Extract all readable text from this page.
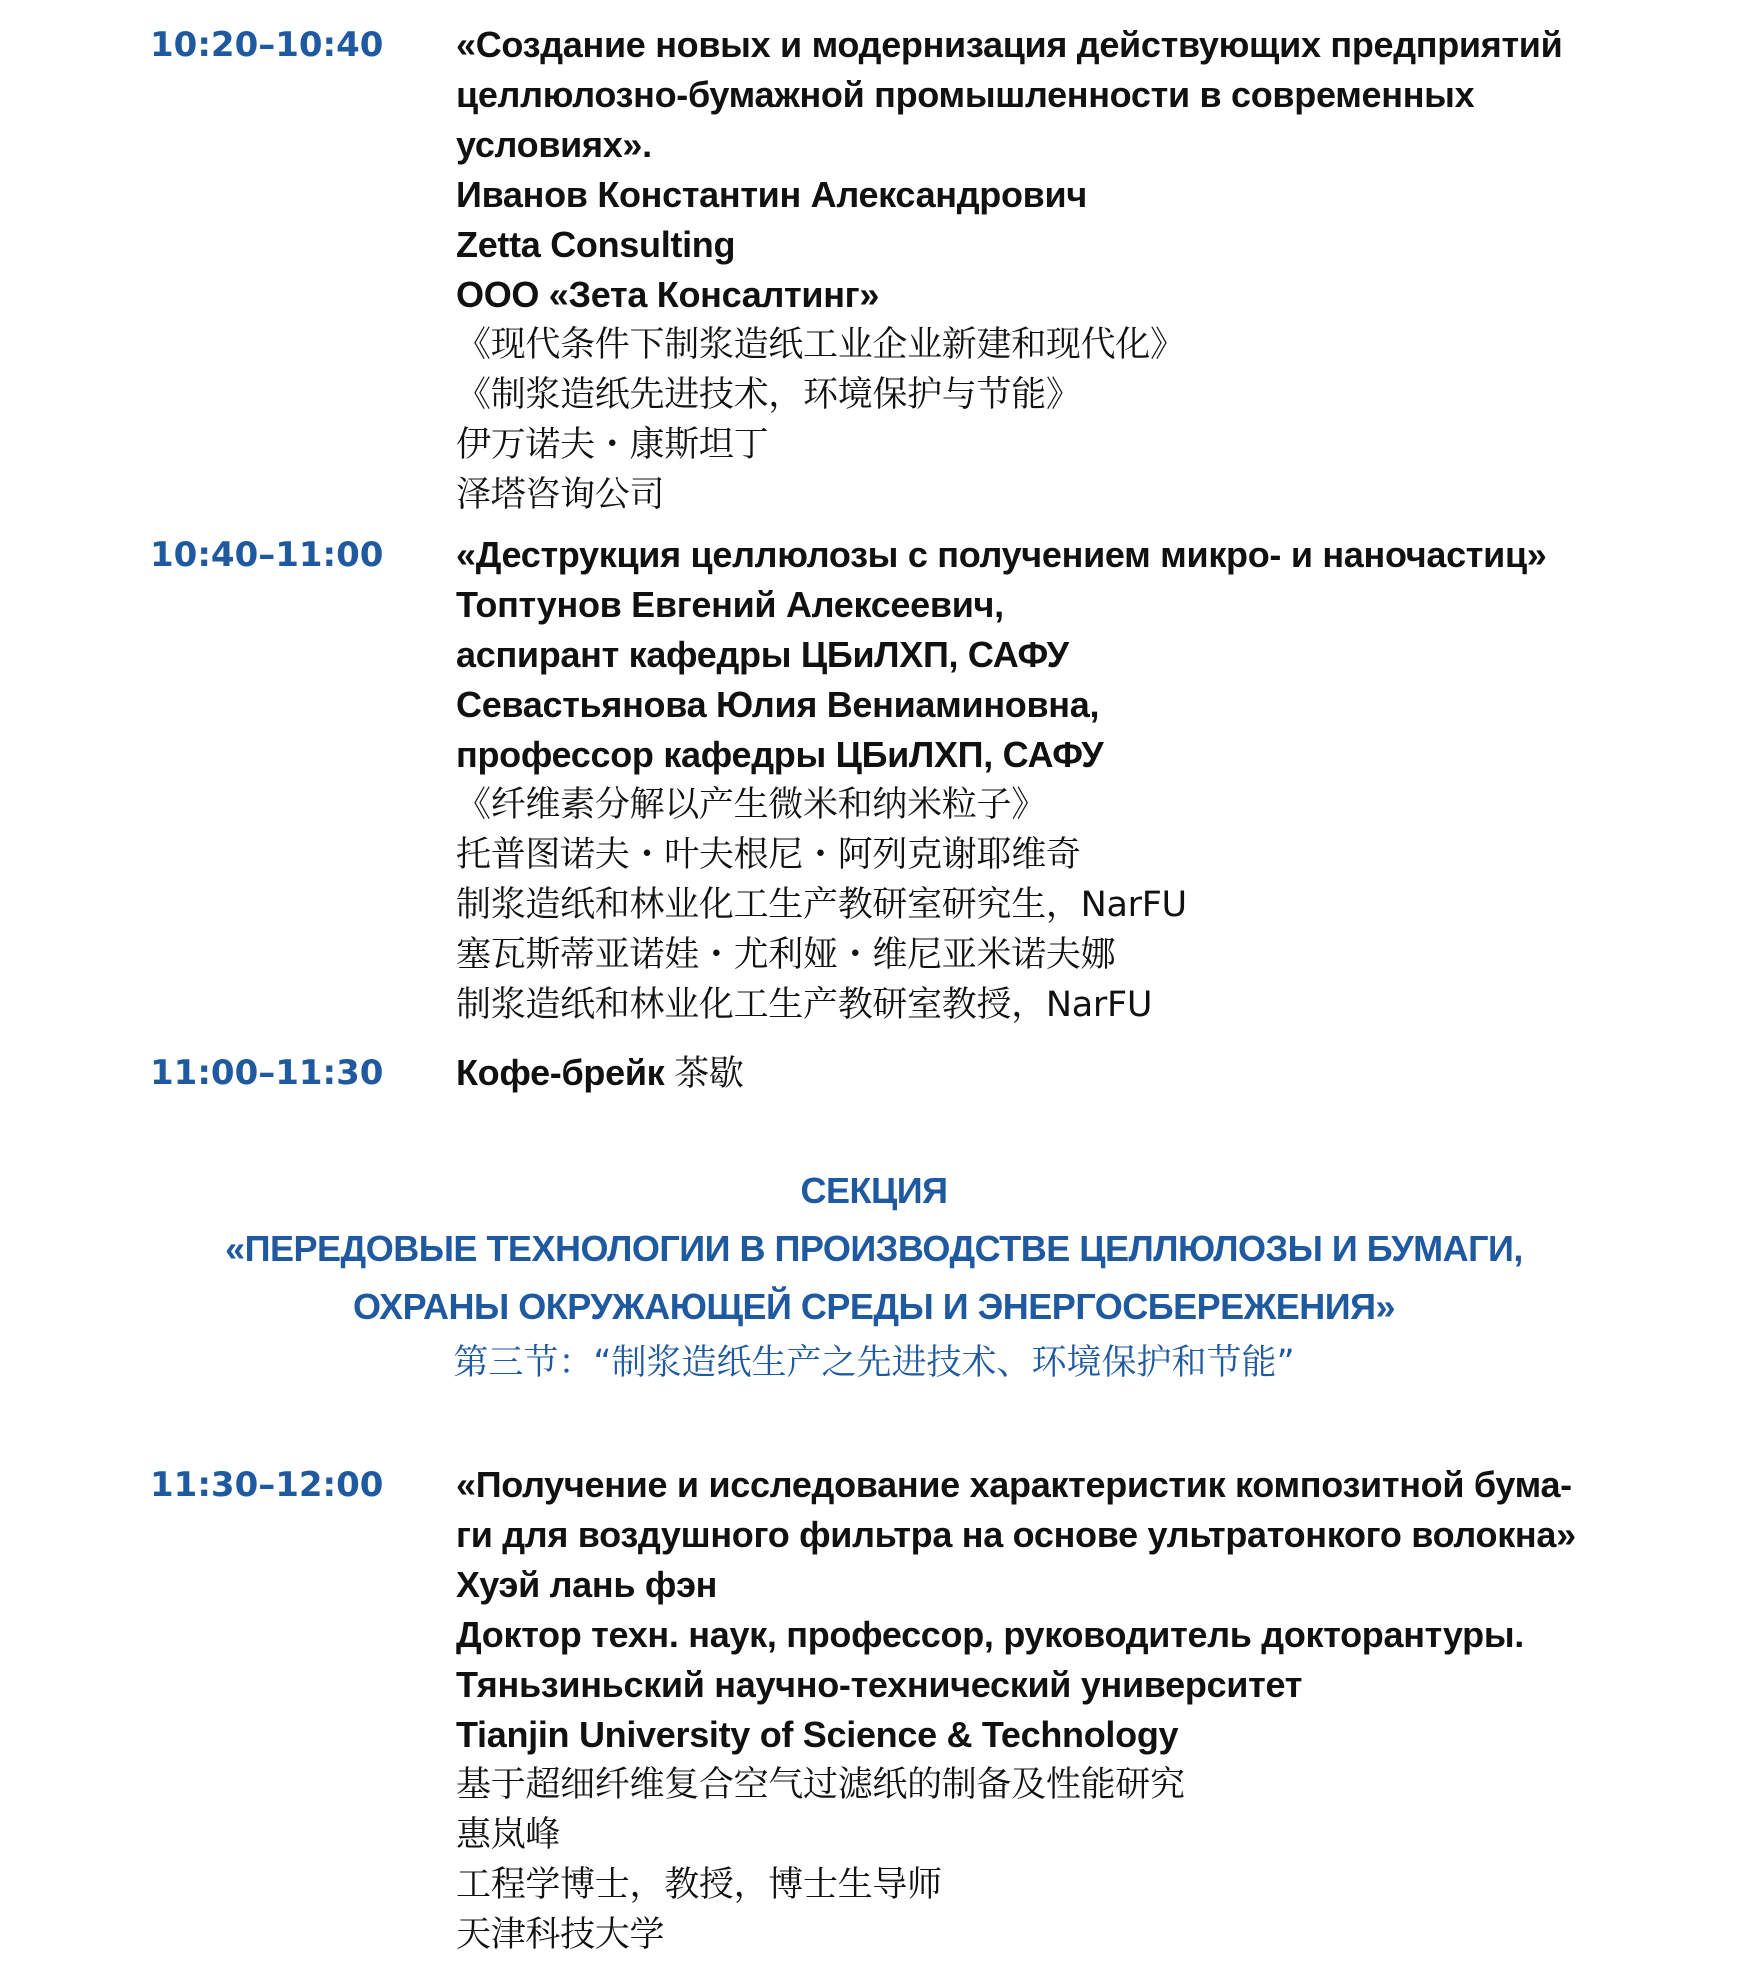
10:20–10:40 «Создание новых и модернизация действующих предприятий
целлюлозно-бумажной промышленности в современных
условиях».
Иванов Константин Александрович
Zetta Consulting
ООО «Зета Консалтинг»
《现代条件下制浆造纸工业企业新建和现代化》
《制浆造纸先进技术，环境保护与节能》
伊万诺夫・康斯坦丁
泽塔咨询公司
10:40–11:00 «Деструкция целлюлозы с получением микро- и наночастиц»
Топтунов Евгений Алексеевич,
аспирант кафедры ЦБиЛХП, САФУ
Севастьянова Юлия Вениаминовна,
профессор кафедры ЦБиЛХП, САФУ
《纤维素分解以产生微米和纳米粒子》
托普图诺夫・叶夫根尼・阿列克谢耶维奇
制浆造纸和林业化工生产教研室研究生，NarFU
塞瓦斯蒂亚诺娃・尤利娅・维尼亚米诺夫娜
制浆造纸和林业化工生产教研室教授，NarFU
11:00–11:30 Кофе-брейк 茶歇
СЕКЦИЯ
«ПЕРЕДОВЫЕ ТЕХНОЛОГИИ В ПРОИЗВОДСТВЕ ЦЕЛЛЮЛОЗЫ И БУМАГИ,
ОХРАНЫ ОКРУЖАЮЩЕЙ СРЕДЫ И ЭНЕРГОСБЕРЕЖЕНИЯ»
第三节：“制浆造纸生产之先进技术、环境保护和节能”
11:30–12:00 «Получение и исследование характеристик композитной бума-
ги для воздушного фильтра на основе ультратонкого волокна»
Хуэй лань фэн
Доктор техн. наук, профессор, руководитель докторантуры.
Тяньзиньский научно-технический университет
Tianjin University of Science & Technology
基于超细纤维复合空气过滤纸的制备及性能研究
惠岚峰
工程学博士，教授，博士生导师
天津科技大学
